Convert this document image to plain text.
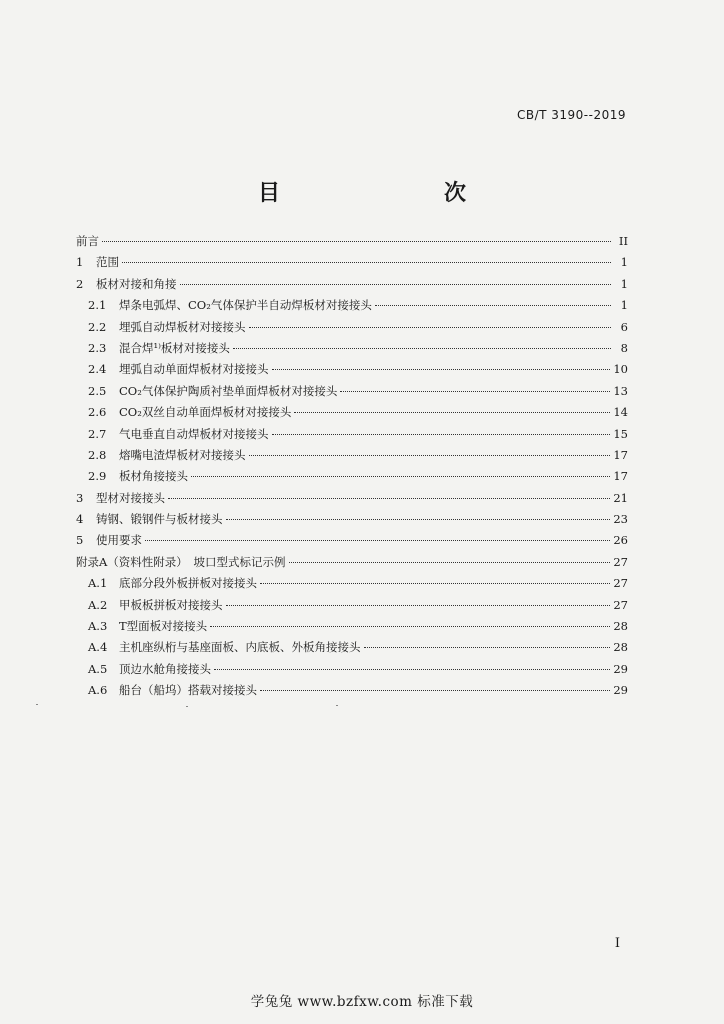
CB/T 3190--2019
目　　次
前言	II
1	范围	1
2	板材对接和角接	1
2.1	焊条电弧焊、CO₂气体保护半自动焊板材对接接头	1
2.2	埋弧自动焊板材对接接头	6
2.3	混合焊¹⁾板材对接接头	8
2.4	埋弧自动单面焊板材对接接头	10
2.5	CO₂气体保护陶质衬垫单面焊板材对接接头	13
2.6	CO₂双丝自动单面焊板材对接接头	14
2.7	气电垂直自动焊板材对接接头	15
2.8	熔嘴电渣焊板材对接接头	17
2.9	板材角接接头	17
3	型材对接接头	21
4	铸钢、锻钢件与板材接头	23
5	使用要求	26
附录A（资料性附录）　坡口型式标记示例	27
A.1	底部分段外板拼板对接接头	27
A.2	甲板板拼板对接接头	27
A.3	T型面板对接接头	28
A.4	主机座纵桁与基座面板、内底板、外板角接接头	28
A.5	顶边水舱角接接头	29
A.6	船台（船坞）搭载对接接头	29
I
学兔兔 www.bzfxw.com 标准下载
